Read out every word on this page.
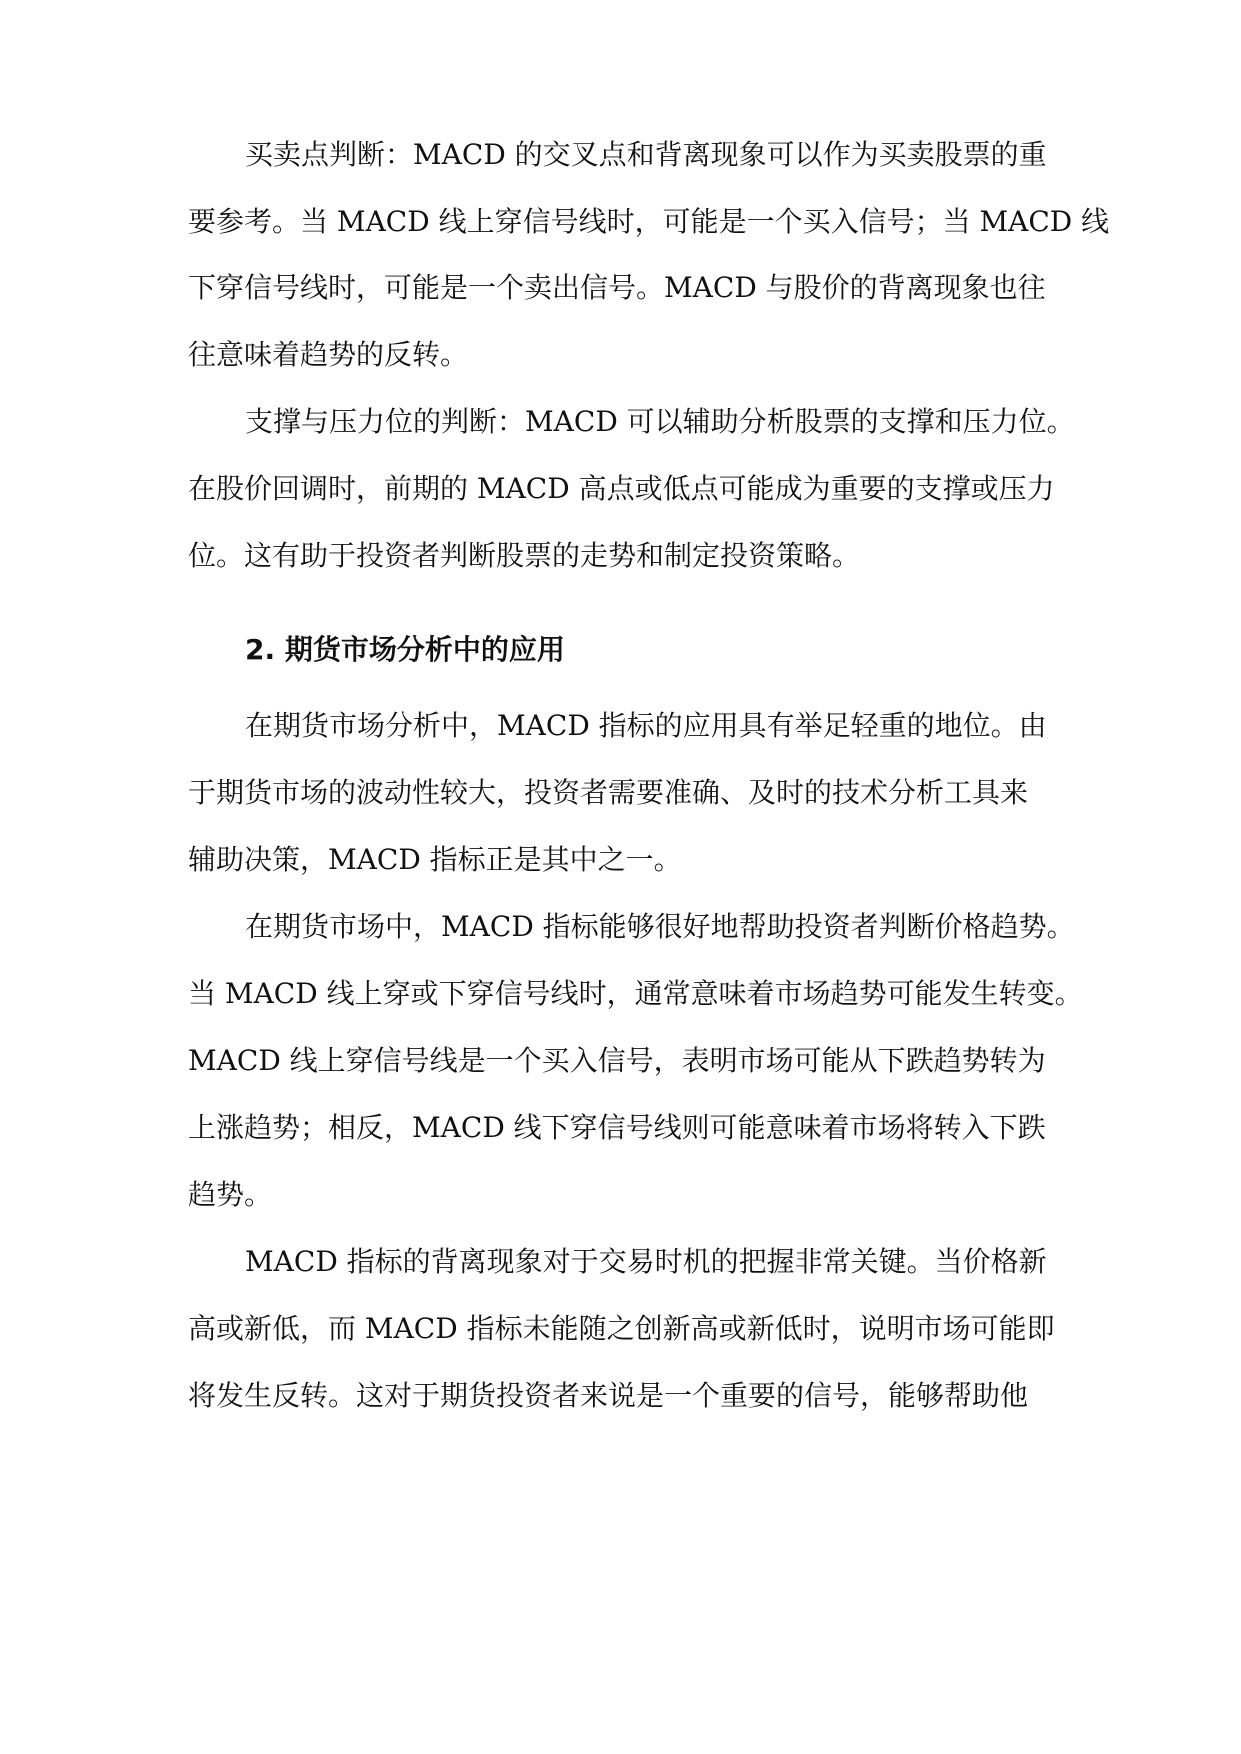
买卖点判断：MACD 的交叉点和背离现象可以作为买卖股票的重
要参考。当 MACD 线上穿信号线时，可能是一个买入信号；当 MACD 线
下穿信号线时，可能是一个卖出信号。MACD 与股价的背离现象也往
往意味着趋势的反转。
支撑与压力位的判断：MACD 可以辅助分析股票的支撑和压力位。
在股价回调时，前期的 MACD 高点或低点可能成为重要的支撑或压力
位。这有助于投资者判断股票的走势和制定投资策略。
2. 期货市场分析中的应用
在期货市场分析中，MACD 指标的应用具有举足轻重的地位。由
于期货市场的波动性较大，投资者需要准确、及时的技术分析工具来
辅助决策，MACD 指标正是其中之一。
在期货市场中，MACD 指标能够很好地帮助投资者判断价格趋势。
当 MACD 线上穿或下穿信号线时，通常意味着市场趋势可能发生转变。
MACD 线上穿信号线是一个买入信号，表明市场可能从下跌趋势转为
上涨趋势；相反，MACD 线下穿信号线则可能意味着市场将转入下跌
趋势。
MACD 指标的背离现象对于交易时机的把握非常关键。当价格新
高或新低，而 MACD 指标未能随之创新高或新低时，说明市场可能即
将发生反转。这对于期货投资者来说是一个重要的信号，能够帮助他
